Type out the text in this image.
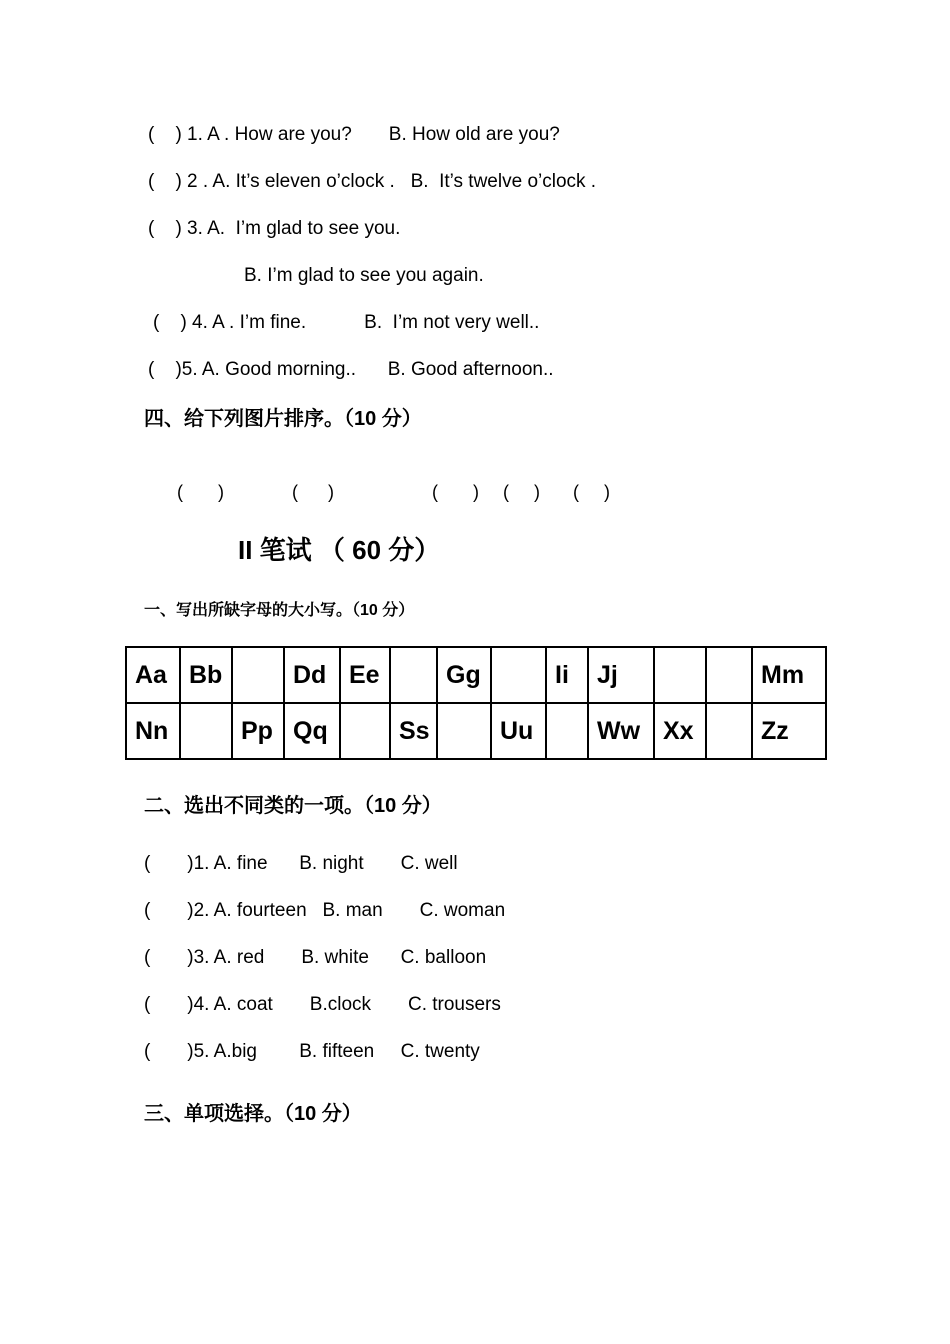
(    ) 1. A . How are you?       B. How old are you?
(    ) 2 . A. It’s eleven o’clock .   B.  It’s twelve o’clock .
(    ) 3. A.  I’m glad to see you.
B. I’m glad to see you again.
(    ) 4. A . I’m fine.           B.  I’m not very well..
(    )5. A. Good morning..      B. Good afternoon..
四、给下列图片排序。（10 分）
(       )	(      )	(       ) (     ) (     )
II 笔试 （ 60 分）
一、写出所缺字母的大小写。（10 分）
Aa	Bb		Dd	Ee		Gg		Ii	Jj			Mm
Nn		Pp	Qq		Ss		Uu		Ww	Xx		Zz
二、选出不同类的一项。（10 分）
(       )1. A. fine      B. night       C. well
(       )2. A. fourteen   B. man       C. woman
(       )3. A. red       B. white      C. balloon
(       )4. A. coat       B.clock       C. trousers
(       )5. A.big        B. fifteen     C. twenty
三、单项选择。（10 分）
